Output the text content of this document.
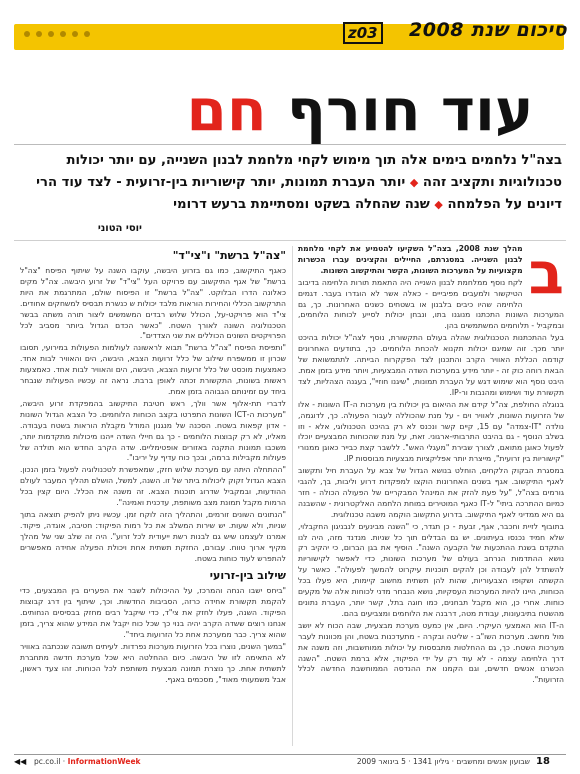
סיכום שנת 2008
z03
עוד חורף חם
בצה"ל נלחמים בימים אלה תוך מימוש לקחי מלחמת לבנון השנייה, עם יותר יכולות
טכנולוגיות ותקציב זהה ◆ יותר העברת תמונות, יותר קישוריות בין-זרועית - לצד עוד הרי
דיונים על הפלמחה ◆ שנה שהחלה בשקט ומסתיימת ברעש דרומי
יוסי הטוני
ב

מהלך שנת 2008, בצה"ל השקיעו להטמיע את לקחי מלחמת לבנון השנייה. במסגרתם, החיילים והקצינים עברו הכשרות מקצועיות על המערכות השונות, הקשר והתיקשוב השונות.

לקח נוסף ממלחמת לבנון השנייה היה התאמת תורות הלחימה בדיבוב הטיקשור ולמעבים מפיבייים - כאלה אשר לא הוגדרו בעבר. דגמים הלחימה שהיו כיבים בלבנון או בשטחים כשנים האחרונות. כך, גם המערכות השונות התכתנו מנוגנו בתו, ונבחן יכולות לסייע לכוחות הלוחמים, ובמקביל - תלוחמים המשתמשים בהן.

בעל ההתכתנות הטכנולוגית שהלה בעולם התקשורת, נוסף לצה"ל יכולות בהיכט יותר מכך. זוה שמיגם יכולות תקנוא להכחת הלוחמים. כך, בתודעים האחרונים קודמה הכללת האוויר הקרב והתכנון לצד הפקקרוח הבייתה. לתתמשואת של הבאת רוחה כוק זה - יותר מידע במערכות השדה המבצעיות, ויותר מידע בזמן אמת. היבט נוסף הוא שימוש דגש על העברת תמונות, "שיגנו חוזיי", בעגנה הצהליות, לצד תקשורת עוד ושימוש ומהנבות ור-IP.

בנוגלה החולפת, צה"ל קידם את ההיאום בין יכולות בין מערכות ה-IT השונות - אלו של הזרועות השונות, לאוויר וים - על מנת שהכוללה לעבור הפעולה. כך, לדוגמה, נולדה "IT-צמדה" עם 15, קיים קשר ונכנס לא רק בהיכט הטכנולוגי, אלא - וזו בשלב הנוסף - גם בהיבט התרבותי-ארגוני. זאת, על מנת שהכוחות המבצעיים יוכלו לפעול כאוגן מתואם, לצורך שבירת "מעגלי האש". ללשבר קצת כבייר כאוגן ממנורי "קישוריות בין זרועית", מייצרת יותר אפליקציות מבצעיות מבוססות IP.

במסגרת הבקוק הלקחים, הוחלט בנושא הגדול של צבא על העברת חיל ותקשוב לאגף התיקשוב. אגף בשנים האחרונות הוקצו למפקדות דרוע וליבות, בך, להגבי גורמים בצה"ל, "על פעת להזק את המינהל המבקריים של הפעולה הכולה - חזר כמיום ההתרכה ביתי" ל-IT כאגף המוטירים במוחת הלחמה האלקטרונית - שהשבנה גם היא ממדיני לאגף התיקשוב. בדרוע התקשוב הוקמה משבה טכנולוגית.

בתובוף לזיית וחכבר, אגף, זבעת - כן תגדר, כי "השנה מבינעים לנבניגון החקבלוי, שלא חמיד נכנסו בעיתונים. יש גם הבדלים תוך כל שניות. מנדנד מזה, היה לנו התקדם בשנת ההתכעות של הקבעה השנה". הוסיף את בגן הברום, כי יהקיב רק נושא ההתדמות הנרחב בעולם של מערכות השונות, כדי לאפשר לקישוריות להשתדל להן לעבודה וכן להקים תוכניות עיקרוט להמשך לפעולה". כאשר על הקשתה ושקופו הצבעוריות, שהות להן תשתית מחשוב קיימות, היא פעלו בכל הכוחות, היינו להיות המערכות העסקיות, נושא הנבחר מדני לכוחות אלה של מקעים כוחות. אחרי כן, הוא מקבל תבחנים, כמו חוגה בתל, קשר יותר, העברת נתונים מהשטח בתיבעונות, עבודת מטה, דרבנה את הלוחמים ומצביעים בהם.

ה-IT הוא האמצעי העיקרי. היום, אין כמעט מערכת מבצעית, שבה הכוח לא יושב מול מחשב. מערכות השו"ב - שליטה ובקרה - מתעדכנות בשטח, והן מכוונות לעבר מערכות השטח. כך, גם ההחלטות מתבססות על יכולות ממוחשבות, וזה משנה את דרך הלחימה עצמה - לא עוד רק על ידי הפיקוד, אלא ברמת השטח. "השנה הכשרנו אנשים חדשים, וגם הקמנו את ההנדסה הממוחשבת החדשה לכלל הזרועות".

"צה"ל ברשת" ו"צי"ד"

כאגף התיקשוב, כמו גם בזרוע היבשה, עוקבו השנה על שיתוף הפיסח "צה"ל ברשת" של אגף התיקשוב עם פרויקט העל "צי"ד" של זרוע היבשה. צה"ל מקים כאלונה הדרו הבלוקט. "צה"ל ברשת" זו הפיסוח שולם, המתרגמת את היות התרקשוב הכללי והחירות הוראות מלבד יכולות ש כנשרת תבסיס למשחקים אחודים. צי"ד הוא פרויקט-על, הכולל שלוש רבדים המשמשים ליצור תורה משתה בבשר הטכנולוגיה השונה לאורך השטח. "כאשר הכדם הגדול ביותר מסביב לכל הפרויקטים השונים הכוללים את שני הצדדים".

"ותפיסת הפיסח "צה"ל ברשת" תבוא לראשונה לעולמות הפעולות במירועי, תסובו שכרון זו ממשפרח שילוב של כלל זרועות הצבא, היבשה, הים והאוויר לבות אחד. כאמצעות מוכסט של כלל זרועות הצבא, היבשה, הים והאוויר לבות אחד. כאמצעות ראשות בשונות, התקשורת זכתה לאופן ברבת. נראה זה עכשיו הפעולות שנבחר ביחד עם זמינותם הגבוהה בזמן אמת.

לדברי תת-אלוף אשר וולך, ראש חטיבת התיקשוב בהמפקדת זרוע היבשה, "מערכות ה-ICT השונות התפרטו בקצב הכוחות הלוחמים. כל הצבא הגדול השונות - אדון קפאות בשטח. הסכנה של מנגנון המודל מקבלת הוראות בשטח בעבודה. מאליו, לא רק קבוצות הלוחמים - כך גם חיילי השדה ייהנו מיכולות מתקדמות יותר, משכבו תמונות התקנה באזורים אופטימליים. שדה הקרב החדש הוא תולדה של פעולות מקבילות ברמה, ובכך כוח עדיף על יריבו".

"ההתחלה היתה עם מערכת שלוש חזק, שמאפשרת לטכנולוגיה לפעול בזמן הנכון. הצבא הגדול זקוק ליכולות ביתר של זו. השנה, למשל, הושלם תהליך המעבר לעולם ההודעות, ובמקביל שדרוג תוכנות הצבא. זה משנה את הכלל. היום קצין בכל הרמות מקבל תמונת מצב משותפת, עדכנית ואמינה".

"הנתונים השונים זורמים, והתהליך הזה לוקח זמן. עכשיו ניתן להפיק תוצאה בתוך שניות, ולא שעות. יש שירות המשלב את כל רמות הפיקוד: חטיבה, אוגדה, פיקוד. אמרנו לעצמנו שיש גם לבנות רשת ייעודית לכל זרוע". היה זה שלב שני של מהלך מקיף ארוך טווח. עבורם, החזקת תשתית אחת ויכולת הפעלה אחידה מאפשרים להתפרש לעוד כוחות בשטח.

שילוב בין-זרועי

"ביחס ישבו הנחה והמרכז, על ההיכולות לשבר את הפערים בין המבצעים, כדי להקמת תקשורת אחידה כרזה, הסביבות החדשות. וכך, שיתוף בין דרג קבוצות הפיקוד. השנה, פעלו לחזק את צי"ד, כדי שיקבל רבים מחזק בבסיסים הנחותים. אנחנו רוצים ששדה הקרב יהיה בנוי כך שכל כוח יקבל את המידע שהוא צריך, בזמן שהוא צריך. כבר ממערכת אחת כל הזרועות ביחד".

"במשך השנים, נוצרו בכל הזרועות מערכות נפרדות. לעיתים תשובה שנכתבה באוויר לא התאימה לזו של היבשה. כיום ההחלטה היא שכל מערכת חדשה מתחברת לתשתית אחת. כך נוצרת תמונה מבצעית משותפת לכל הכוחות. זהו צעד ראשון, אבל משמעותי מאוד", מסכמים באגף.

18
שבועון אנשים ומחשבים · גיליון 1341 · 5 בינואר 2009
◀◀ pc.co.il · InformationWeek
